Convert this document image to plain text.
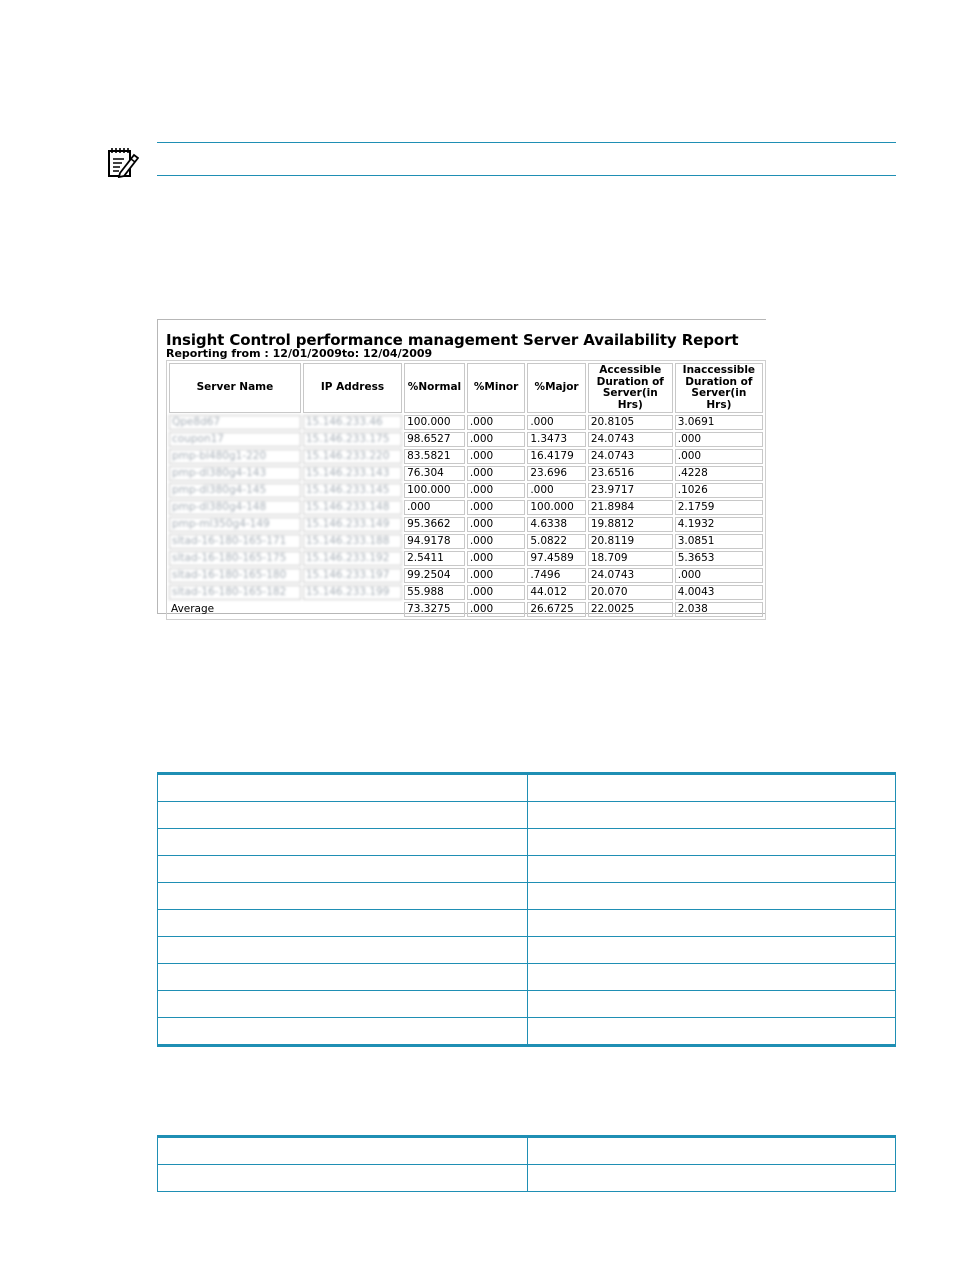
Insight Control performance management Server Availability Report
Reporting from : 12/01/2009to: 12/04/2009
Server Name	IP Address	%Normal	%Minor	%Major	Accessible Duration of Server(in Hrs)	Inaccessible Duration of Server(in Hrs)
Qpe8d67	15.146.233.46	100.000	.000	.000	20.8105	3.0691
coupon17	15.146.233.175	98.6527	.000	1.3473	24.0743	.000
pmp-bl480g1-220	15.146.233.220	83.5821	.000	16.4179	24.0743	.000
pmp-dl380g4-143	15.146.233.143	76.304	.000	23.696	23.6516	.4228
pmp-dl380g4-145	15.146.233.145	100.000	.000	.000	23.9717	.1026
pmp-dl380g4-148	15.146.233.148	.000	.000	100.000	21.8984	2.1759
pmp-ml350g4-149	15.146.233.149	95.3662	.000	4.6338	19.8812	4.1932
sltad-16-180-165-171	15.146.233.188	94.9178	.000	5.0822	20.8119	3.0851
sltad-16-180-165-175	15.146.233.192	2.5411	.000	97.4589	18.709	5.3653
sltad-16-180-165-180	15.146.233.197	99.2504	.000	.7496	24.0743	.000
sltad-16-180-165-182	15.146.233.199	55.988	.000	44.012	20.070	4.0043
Average		73.3275	.000	26.6725	22.0025	2.038
